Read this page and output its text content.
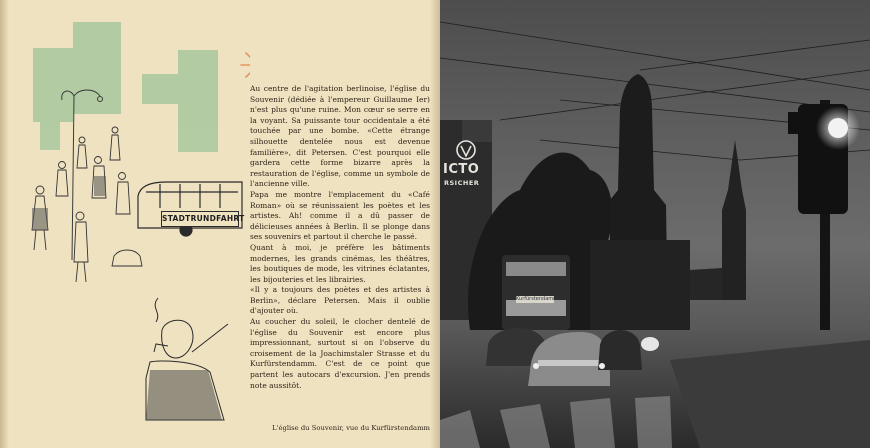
STADTRUNDFAHRT

Au centre de l'agitation berlinoise, l'église du Souvenir (dédiée à l'empereur Guillaume Ier) n'est plus qu'une ruine. Mon cœur se serre en la voyant. Sa puissante tour occidentale a été touchée par une bombe. «Cette étrange silhouette dentelée nous est devenue familière», dit Petersen. C'est pourquoi elle gardera cette forme bizarre après la restauration de l'église, comme un symbole de l'ancienne ville.

Papa me montre l'emplacement du «Café Roman» où se réunissaient les poètes et les artistes. Ah! comme il a dû passer de délicieuses années à Berlin. Il se plonge dans ses souvenirs et partout il cherche le passé.

Quant à moi, je préfère les bâtiments modernes, les grands cinémas, les théâtres, les boutiques de mode, les vitrines éclatantes, les bijouteries et les librairies.

«Il y a toujours des poètes et des artistes à Berlin», déclare Petersen. Mais il oublie d'ajouter où.

Au coucher du soleil, le clocher dentelé de l'église du Souvenir est encore plus impressionnant, surtout si on l'observe du croisement de la Joachimstaler Strasse et du Kurfürstendamm. C'est de ce point que partent les autocars d'excursion. J'en prends note aussitôt.

L'église du Souvenir, vue du Kurfürstendamm
ICTO
RSICHER
Kurfürstendamm
